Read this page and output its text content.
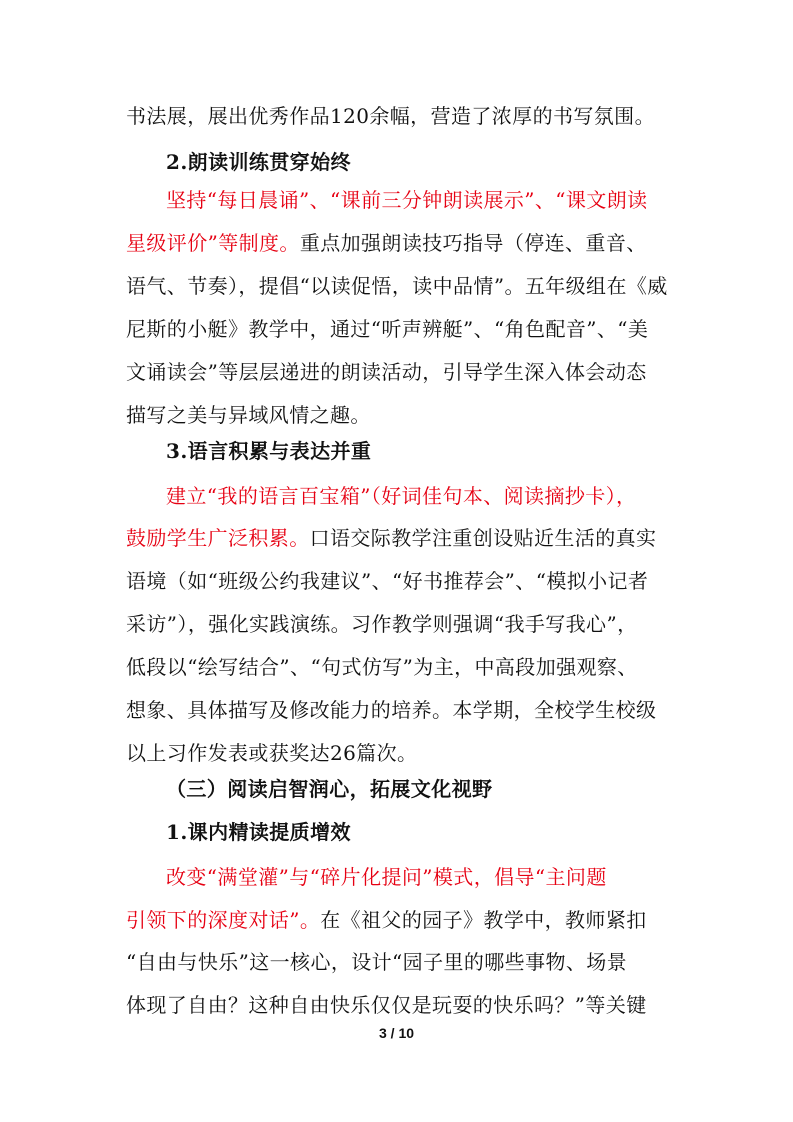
书法展，展出优秀作品120余幅，营造了浓厚的书写氛围。
2.朗读训练贯穿始终
坚持“每日晨诵”、“课前三分钟朗读展示”、“课文朗读
星级评价”等制度。重点加强朗读技巧指导（停连、重音、
语气、节奏），提倡“以读促悟，读中品情”。五年级组在《威
尼斯的小艇》教学中，通过“听声辨艇”、“角色配音”、“美
文诵读会”等层层递进的朗读活动，引导学生深入体会动态
描写之美与异域风情之趣。
3.语言积累与表达并重
建立“我的语言百宝箱”（好词佳句本、阅读摘抄卡），
鼓励学生广泛积累。口语交际教学注重创设贴近生活的真实
语境（如“班级公约我建议”、“好书推荐会”、“模拟小记者
采访”），强化实践演练。习作教学则强调“我手写我心”，
低段以“绘写结合”、“句式仿写”为主，中高段加强观察、
想象、具体描写及修改能力的培养。本学期，全校学生校级
以上习作发表或获奖达26篇次。
（三）阅读启智润心，拓展文化视野
1.课内精读提质增效
改变“满堂灌”与“碎片化提问”模式，倡导“主问题
引领下的深度对话”。在《祖父的园子》教学中，教师紧扣
“自由与快乐”这一核心，设计“园子里的哪些事物、场景
体现了自由？这种自由快乐仅仅是玩耍的快乐吗？”等关键
3 / 10
